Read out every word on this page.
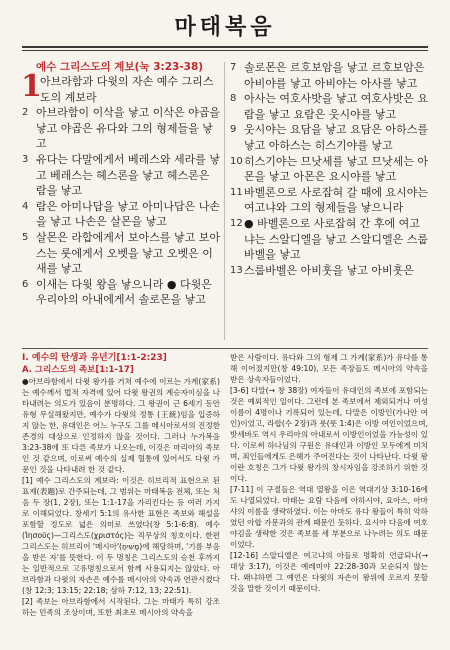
마태복음
예수 그리스도의 계보(눅 3:23-38)
1

아브라함과 다윗의 자손 예수 그리스도의 계보라

2 아브라함이 이삭을 낳고 이삭은 야곱을 낳고 야곱은 유다와 그의 형제들을 낳고

3 유다는 다말에게서 베레스와 세라를 낳고 베레스는 헤스론을 낳고 헤스론은 람을 낳고

4 람은 아미나답을 낳고 아미나답은 나손을 낳고 나손은 살몬을 낳고

5 살몬은 라합에게서 보아스를 낳고 보아스는 룻에게서 오벳을 낳고 오벳은 이새를 낳고

6 이새는 다윗 왕을 낳으니라 ● 다윗은 우리아의 아내에게서 솔로몬을 낳고

7 솔로몬은 르호보암을 낳고 르호보암은 아비야를 낳고 아비야는 아사를 낳고

8 아사는 여호사밧을 낳고 여호사밧은 요람을 낳고 요람은 웃시야를 낳고

9 웃시야는 요담을 낳고 요담은 아하스를 낳고 아하스는 히스기야를 낳고

10 히스기야는 므낫세를 낳고 므낫세는 아몬을 낳고 아몬은 요시야를 낳고

11 바벨론으로 사로잡혀 갈 때에 요시야는 여고냐와 그의 형제들을 낳으니라

12 ● 바벨론으로 사로잡혀 간 후에 여고냐는 스알디엘을 낳고 스알디엘은 스룹바벨을 낳고

13 스룹바벨은 아비훗을 낳고 아비훗은

I. 예수의 탄생과 유년기[1:1-2:23]

A. 그리스도의 족보[1:1-17]

●아브라함에서 다윗 왕가를 거쳐 예수에 이르는 가계(家系)는 예수께서 법적 자격에 있어 다윗 왕권의 계승자이심을 나타내려는 의도가 있음이 분명하다. 그 왕권이 근 6세기 동안 유형 무실해왔지만, 예수가 다윗의 정통 (王統)임을 입증하지 않는 한, 유대인은 어느 누구도 그를 메시아로서의 진정한 존경의 대상으로 인정하지 않을 것이다. 그러나 누가복음 3:23-38에 또 다른 족보가 나오는데, 이것은 마리아의 족보인 것 같으며, 이로써 예수의 실제 혈통에 있어서도 다윗 가문인 것을 나타내려 한 것 같다.

[1] 예수 그리스도의 계보라: 이것은 히브리적 표현으로 된 표제(表題)로 간주되는데, 그 범위는 마태복음 전체, 또는 처음 두 장(1, 2장), 또는 1:1-17을 가리킨다는 등 여러 가지로 이해되었다. 창세기 5:1의 유사한 표현은 족보와 해설을 포함할 정도로 넓은 의미로 쓰였다(창 5:1-6:8). 예수(Ἰησοῦς)—그리스도(χριστός)는 직무상의 칭호이다. 한편 그리스도는 히브리어 '메시아'(מָשִׁיחַ)에 해당하며, '기름 부음을 받은 자'를 뜻한다. 이 두 명칭은 그리스도의 승천 후까지는 일반적으로 고유명칭으로서 함께 사용되지는 않았다. 아브라함과 다윗의 자손은 예수를 메시아의 약속과 연관시켰다(창 12:3; 13:15; 22:18; 삼하 7:12, 13; 22:51).

[2] 족보는 아브라함에서 시작된다. 그는 마태가 특히 강조하는 민족의 조상이며, 또한 최초로 메시아의 약속을

받은 사람이다. 유다와 그의 형제 그 가계(家系)가 유다를 통해 이어졌지만(창 49:10), 모든 족장들도 메시아의 약속을 받은 상속자들이었다.

[3-6] 다말(→ 창 38장) 여자들이 유대인의 족보에 포함되는 것은 예외적인 일이다. 그런데 본 족보에서 제외되거나 여성 이름이 4명이나 기록되어 있는데, 다말은 이방인(가나안 여인)이었고, 라합(수 2장)과 룻(룻 1:4)은 이방 여인이었으며, 밧세바도 역시 우리아의 아내로서 이방인이었을 가능성이 있다. 이로써 하나님의 구원은 유대인과 이방인 모두에게 미치며, 죄인들에게도 은혜가 주어진다는 것이 나타난다. 다윗 왕이란 호칭은 그가 다윗 왕가의 창시자임을 강조하기 위한 것이다.

[7-11] 이 구절들은 역대 열왕을 이은 역대기상 3:10-16에도 나열되었다. 마태는 요람 다음에 아하시야, 요아스, 아마샤의 이름을 생략하였다. 이는 아마도 유다 왕들이 특히 악하였던 아합 가문과의 관계 때문인 듯하다. 요시야 다음에 여호야김을 생략한 것은 족보를 세 부분으로 나누려는 의도 때문이었다.

[12-16] 스알디엘은 여고냐의 아들로 명확히 언급되나(→ 대상 3:17), 이것은 예레미야 22:28-30과 모순되지 않는다. 왜냐하면 그 예언은 다윗의 자손이 왕위에 오르지 못할 것을 말한 것이기 때문이다.
